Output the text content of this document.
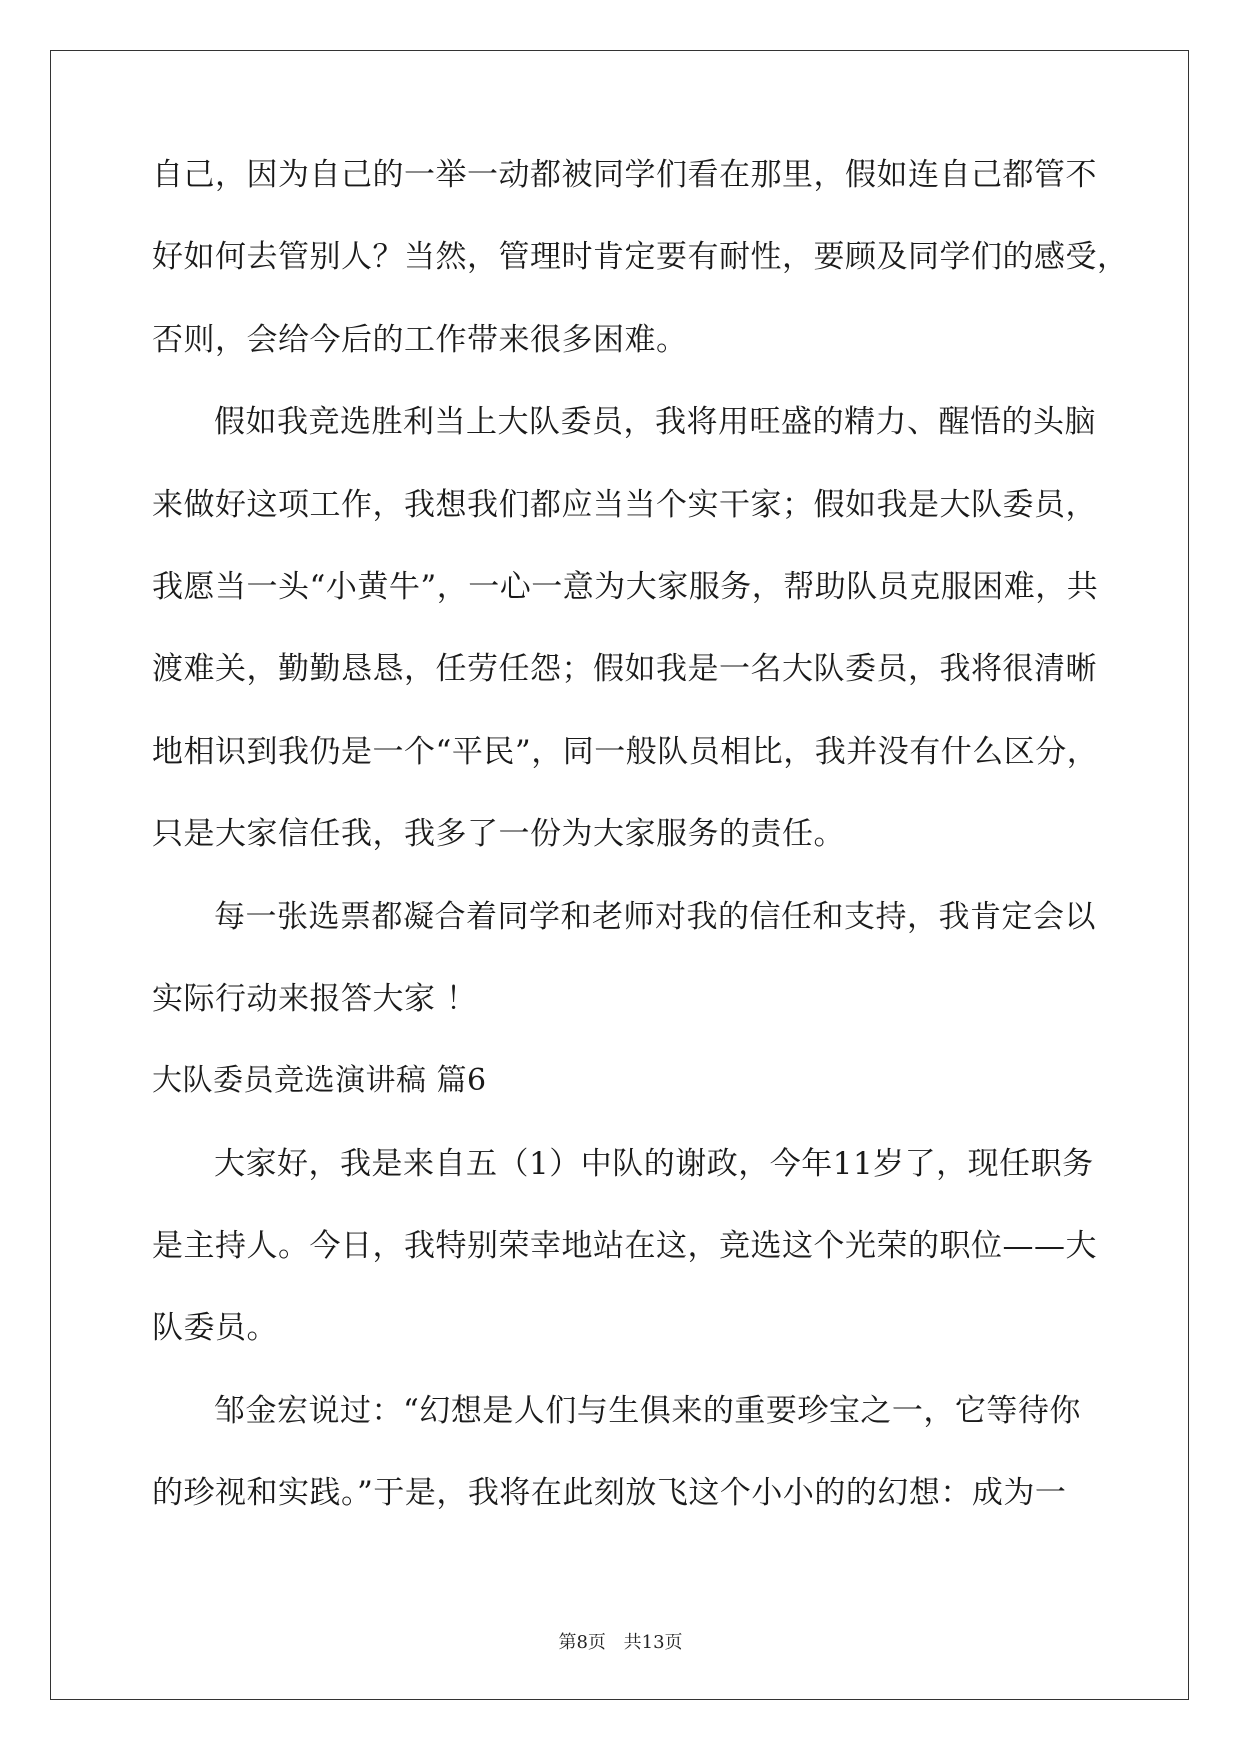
自己，因为自己的一举一动都被同学们看在那里，假如连自己都管不
好如何去管别人？当然，管理时肯定要有耐性，要顾及同学们的感受，
否则，会给今后的工作带来很多困难。
假如我竞选胜利当上大队委员，我将用旺盛的精力、醒悟的头脑
来做好这项工作，我想我们都应当当个实干家；假如我是大队委员，
我愿当一头“小黄牛”，一心一意为大家服务，帮助队员克服困难，共
渡难关，勤勤恳恳，任劳任怨；假如我是一名大队委员，我将很清晰
地相识到我仍是一个“平民”，同一般队员相比，我并没有什么区分，
只是大家信任我，我多了一份为大家服务的责任。
每一张选票都凝合着同学和老师对我的信任和支持，我肯定会以
实际行动来报答大家 ！
大队委员竞选演讲稿 篇6
大家好，我是来自五（1）中队的谢政，今年11岁了，现任职务
是主持人。今日，我特别荣幸地站在这，竞选这个光荣的职位——大
队委员。
邹金宏说过：“幻想是人们与生俱来的重要珍宝之一，它等待你
的珍视和实践。”于是，我将在此刻放飞这个小小的的幻想：成为一
第8页 共13页
